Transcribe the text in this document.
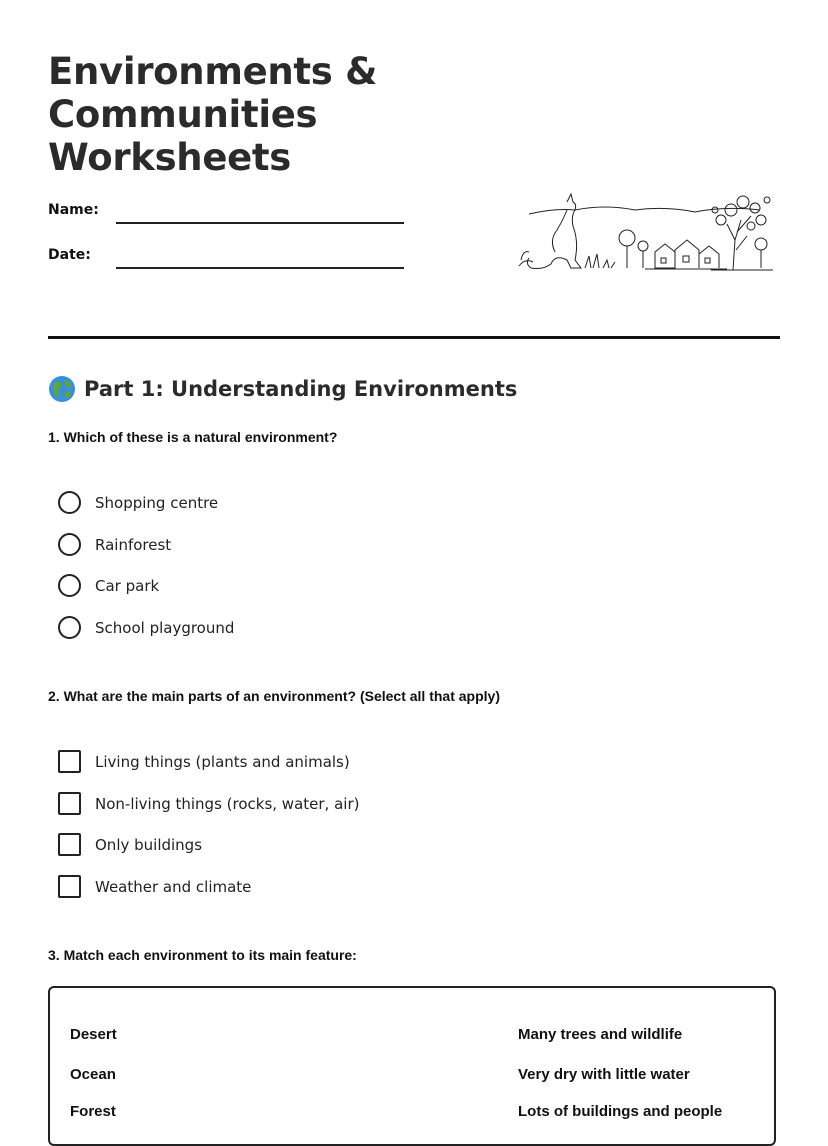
Environments &
Communities
Worksheets
Name:
Date:
Part 1: Understanding Environments
1. Which of these is a natural environment?
Shopping centre
Rainforest
Car park
School playground
2. What are the main parts of an environment? (Select all that apply)
Living things (plants and animals)
Non-living things (rocks, water, air)
Only buildings
Weather and climate
3. Match each environment to its main feature:
Desert
Ocean
Forest
Many trees and wildlife
Very dry with little water
Lots of buildings and people
